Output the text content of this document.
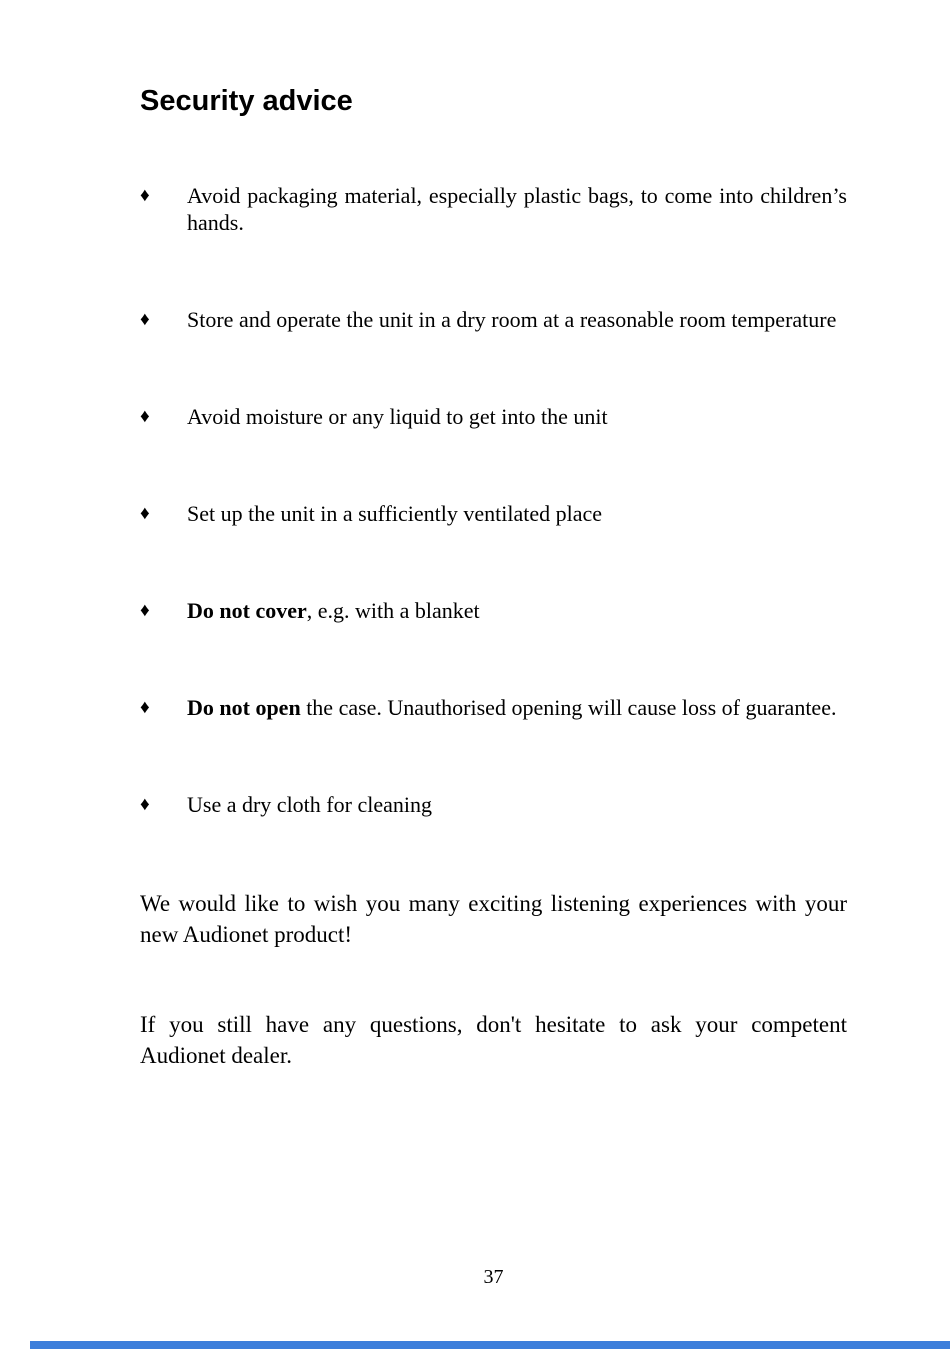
Security advice
♦	Avoid packaging material, especially plastic bags, to come into children’s hands.
♦	Store and operate the unit in a dry room at a reasonable room temperature
♦	Avoid moisture or any liquid to get into the unit
♦	Set up the unit in a sufficiently ventilated place
♦	Do not cover, e.g. with a blanket
♦	Do not open the case. Unauthorised opening will cause loss of guarantee.
♦	Use a dry cloth for cleaning

We would like to wish you many exciting listening experiences with your new Audionet product!

If you still have any questions, don't hesitate to ask your competent Audionet dealer.

37
